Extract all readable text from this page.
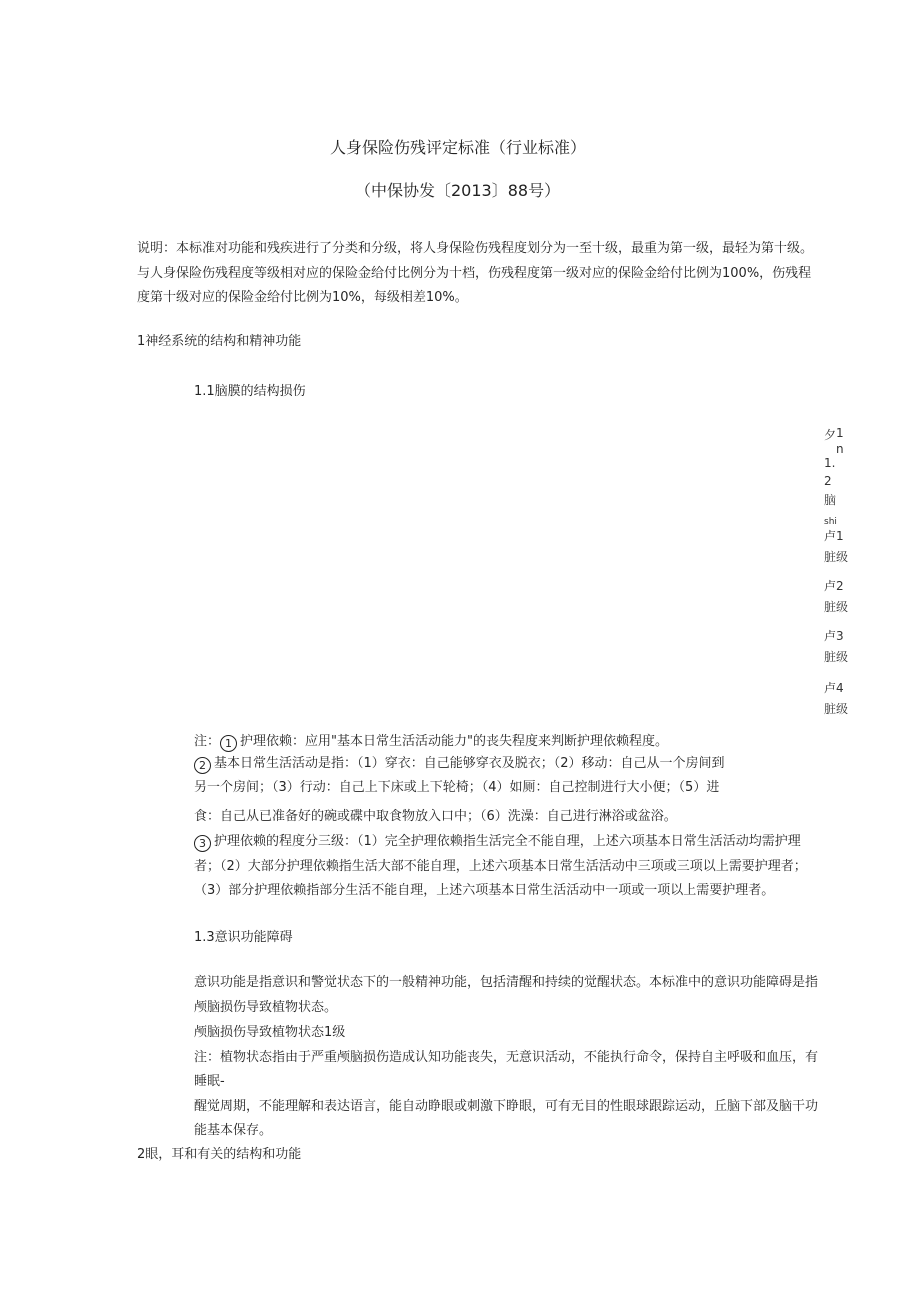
人身保险伤残评定标准（行业标准）
（中保协发〔2013〕88号）
说明：本标准对功能和残疾进行了分类和分级，将人身保险伤残程度划分为一至十级，最重为第一级，最轻为第十级。
与人身保险伤残程度等级相对应的保险金给付比例分为十档，伤残程度第一级对应的保险金给付比例为100%，伤残程
度第十级对应的保险金给付比例为10%，每级相差10%。
1神经系统的结构和精神功能
1.1脑膜的结构损伤
夕 1
n
1.
2
脑
shi
卢 1
脏 级
卢 2
脏 级
卢 3
脏 级
卢 4
脏 级
注： 1 护理依赖：应用"基本日常生活活动能力"的丧失程度来判断护理依赖程度。
2 基本日常生活活动是指：（1）穿衣：自己能够穿衣及脱衣；（2）移动：自己从一个房间到
另一个房间；（3）行动：自己上下床或上下轮椅；（4）如厕：自己控制进行大小便；（5）进
食：自己从已准备好的碗或碟中取食物放入口中；（6）洗澡：自己进行淋浴或盆浴。
3 护理依赖的程度分三级：（1）完全护理依赖指生活完全不能自理，上述六项基本日常生活活动均需护理
者；（2）大部分护理依赖指生活大部不能自理，上述六项基本日常生活活动中三项或三项以上需要护理者；
（3）部分护理依赖指部分生活不能自理，上述六项基本日常生活活动中一项或一项以上需要护理者。
1.3意识功能障碍
意识功能是指意识和警觉状态下的一般精神功能，包括清醒和持续的觉醒状态。本标准中的意识功能障碍是指
颅脑损伤导致植物状态。
颅脑损伤导致植物状态1级
注：植物状态指由于严重颅脑损伤造成认知功能丧失，无意识活动，不能执行命令，保持自主呼吸和血压，有
睡眠-
醒觉周期，不能理解和表达语言，能自动睁眼或刺激下睁眼，可有无目的性眼球跟踪运动，丘脑下部及脑干功
能基本保存。
2眼，耳和有关的结构和功能
